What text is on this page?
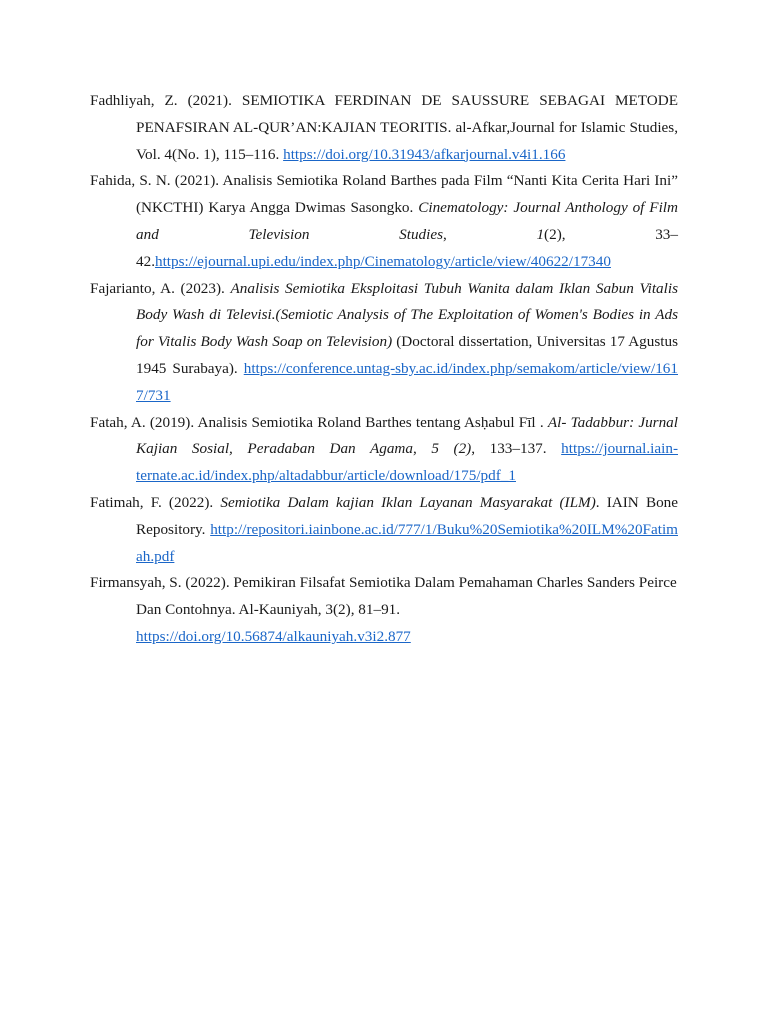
Fadhliyah, Z. (2021). SEMIOTIKA FERDINAN DE SAUSSURE SEBAGAI METODE PENAFSIRAN AL-QUR’AN:KAJIAN TEORITIS. al-Afkar,Journal for Islamic Studies, Vol. 4(No. 1), 115–116. https://doi.org/10.31943/afkarjournal.v4i1.166

Fahida, S. N. (2021). Analisis Semiotika Roland Barthes pada Film “Nanti Kita Cerita Hari Ini” (NKCTHI) Karya Angga Dwimas Sasongko. Cinematology: Journal Anthology of Film and Television Studies, 1(2), 33–42.https://ejournal.upi.edu/index.php/Cinematology/article/view/40622/17340

Fajarianto, A. (2023). Analisis Semiotika Eksploitasi Tubuh Wanita dalam Iklan Sabun Vitalis Body Wash di Televisi.(Semiotic Analysis of The Exploitation of Women's Bodies in Ads for Vitalis Body Wash Soap on Television) (Doctoral dissertation, Universitas 17 Agustus 1945 Surabaya). https://conference.untag-sby.ac.id/index.php/semakom/article/view/1617/731

Fatah, A. (2019). Analisis Semiotika Roland Barthes tentang Asḥabul Fīl . Al- Tadabbur: Jurnal Kajian Sosial, Peradaban Dan Agama, 5 (2), 133–137. https://journal.iain-ternate.ac.id/index.php/altadabbur/article/download/175/pdf_1

Fatimah, F. (2022). Semiotika Dalam kajian Iklan Layanan Masyarakat (ILM). IAIN Bone Repository. http://repositori.iainbone.ac.id/777/1/Buku%20Semiotika%20ILM%20Fatimah.pdf

Firmansyah, S. (2022). Pemikiran Filsafat Semiotika Dalam Pemahaman Charles Sanders Peirce Dan Contohnya. Al-Kauniyah, 3(2), 81–91. https://doi.org/10.56874/alkauniyah.v3i2.877
